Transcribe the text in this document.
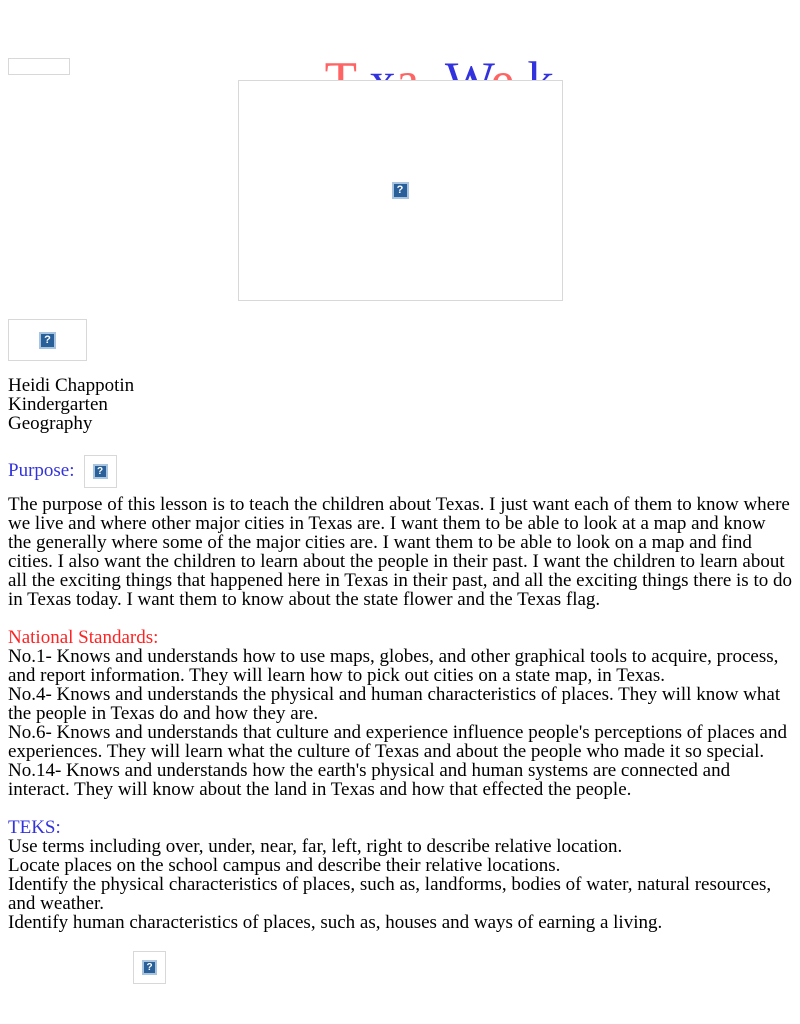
?
?
Heidi Chappotin
Kindergarten
Geography
Purpose:	?

The purpose of this lesson is to teach the children about Texas. I just want each of them to know where we live and where other major cities in Texas are. I want them to be able to look at a map and know the generally where some of the major cities are. I want them to be able to look on a map and find cities. I also want the children to learn about the people in their past. I want the children to learn about all the exciting things that happened here in Texas in their past, and all the exciting things there is to do in Texas today. I want them to know about the state flower and the Texas flag.

National Standards:

No.1- Knows and understands how to use maps, globes, and other graphical tools to acquire, process, and report information. They will learn how to pick out cities on a state map, in Texas.

No.4- Knows and understands the physical and human characteristics of places. They will know what the people in Texas do and how they are.

No.6- Knows and understands that culture and experience influence people's perceptions of places and experiences. They will learn what the culture of Texas and about the people who made it so special.

No.14- Knows and understands how the earth's physical and human systems are connected and interact. They will know about the land in Texas and how that effected the people.

TEKS:

Use terms including over, under, near, far, left, right to describe relative location.

Locate places on the school campus and describe their relative locations.

Identify the physical characteristics of places, such as, landforms, bodies of water, natural resources, and weather.

Identify human characteristics of places, such as, houses and ways of earning a living.

?
